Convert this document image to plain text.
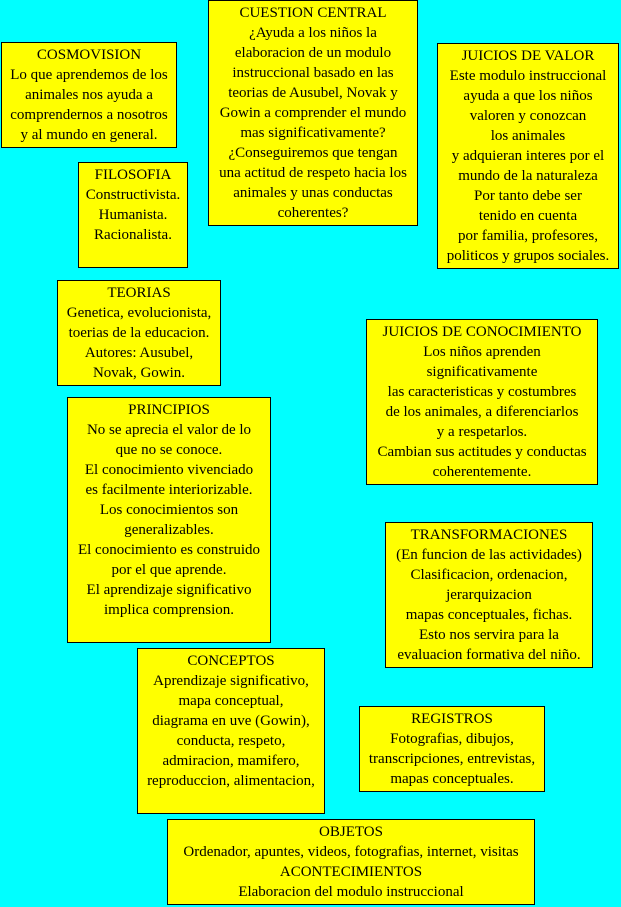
CUESTION CENTRAL
¿Ayuda a los niños la
elaboracion de un modulo
instruccional basado en las
teorias de Ausubel, Novak y
Gowin a comprender el mundo
mas significativamente?
¿Conseguiremos que tengan
una actitud de respeto hacia los
animales y unas conductas
coherentes?
COSMOVISION
Lo que aprendemos de los
animales nos ayuda a
comprendernos a nosotros
y al mundo en general.
JUICIOS DE VALOR
Este modulo instruccional
ayuda a que los niños
valoren y conozcan
los animales
y adquieran interes por el
mundo de la naturaleza
Por tanto debe ser
tenido en cuenta
por familia, profesores,
politicos y grupos sociales.
FILOSOFIA
Constructivista.
Humanista.
Racionalista.
TEORIAS
Genetica, evolucionista,
toerias de la educacion.
Autores: Ausubel,
Novak, Gowin.
JUICIOS DE CONOCIMIENTO
Los niños aprenden
significativamente
las caracteristicas y costumbres
de los animales, a diferenciarlos
y a respetarlos.
Cambian sus actitudes y conductas
coherentemente.
PRINCIPIOS
No se aprecia el valor de lo
que no se conoce.
El conocimiento vivenciado
es facilmente interiorizable.
Los conocimientos son
generalizables.
El conocimiento es construido
por el que aprende.
El aprendizaje significativo
implica comprension.
TRANSFORMACIONES
(En funcion de las actividades)
Clasificacion, ordenacion,
jerarquizacion
mapas conceptuales, fichas.
Esto nos servira para la
evaluacion formativa del niño.
CONCEPTOS
Aprendizaje significativo,
mapa conceptual,
diagrama en uve (Gowin),
conducta, respeto,
admiracion, mamifero,
reproduccion, alimentacion,
REGISTROS
Fotografias, dibujos,
transcripciones, entrevistas,
mapas conceptuales.
OBJETOS
Ordenador, apuntes, videos, fotografias, internet, visitas
ACONTECIMIENTOS
Elaboracion del modulo instruccional
